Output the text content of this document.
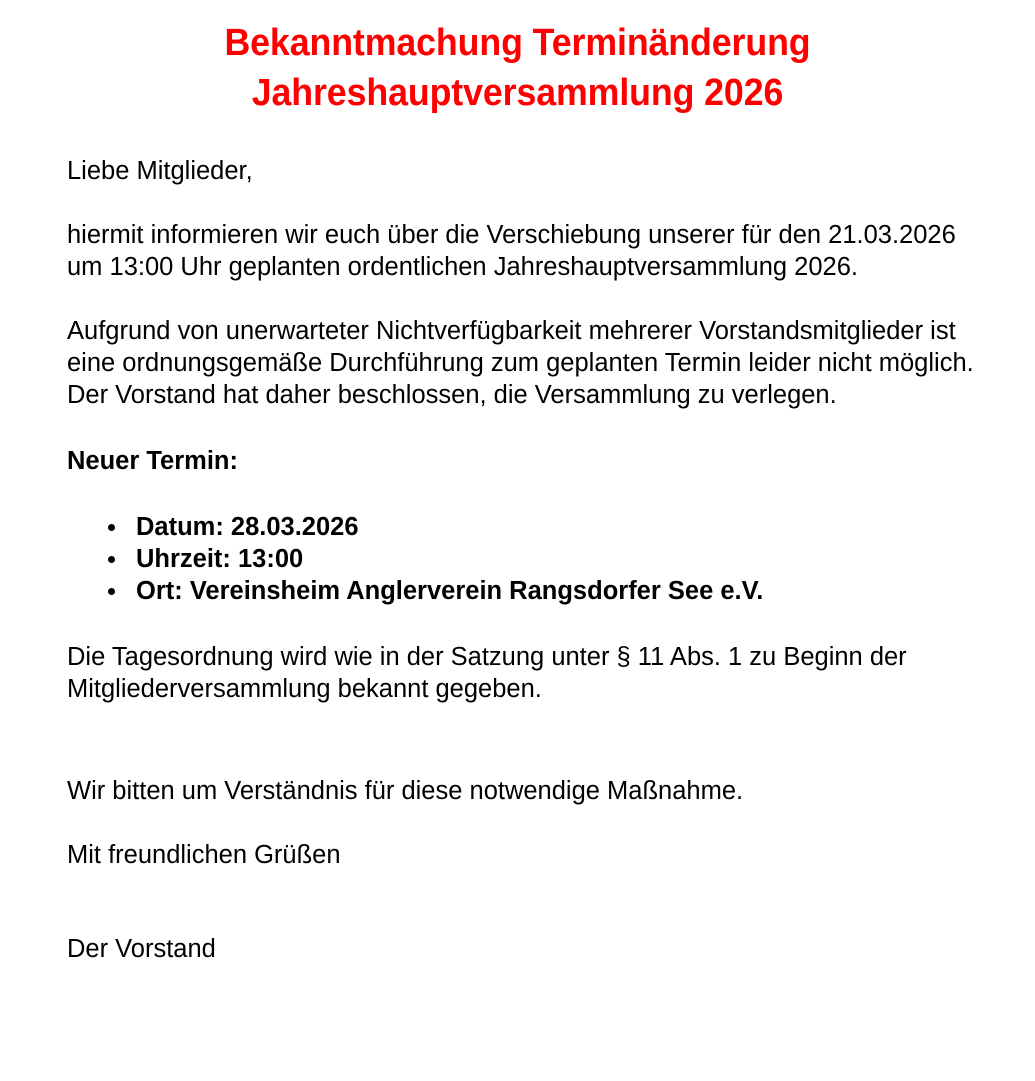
Bekanntmachung Terminänderung
Jahreshauptversammlung 2026

Liebe Mitglieder,

hiermit informieren wir euch über die Verschiebung unserer für den 21.03.2026 um 13:00 Uhr geplanten ordentlichen Jahreshauptversammlung 2026.

Aufgrund von unerwarteter Nichtverfügbarkeit mehrerer Vorstandsmitglieder ist eine ordnungsgemäße Durchführung zum geplanten Termin leider nicht möglich. Der Vorstand hat daher beschlossen, die Versammlung zu verlegen.

Neuer Termin:

Datum: 28.03.2026
Uhrzeit: 13:00
Ort: Vereinsheim Anglerverein Rangsdorfer See e.V.

Die Tagesordnung wird wie in der Satzung unter § 11 Abs. 1 zu Beginn der Mitgliederversammlung bekannt gegeben.

Wir bitten um Verständnis für diese notwendige Maßnahme.

Mit freundlichen Grüßen

Der Vorstand
